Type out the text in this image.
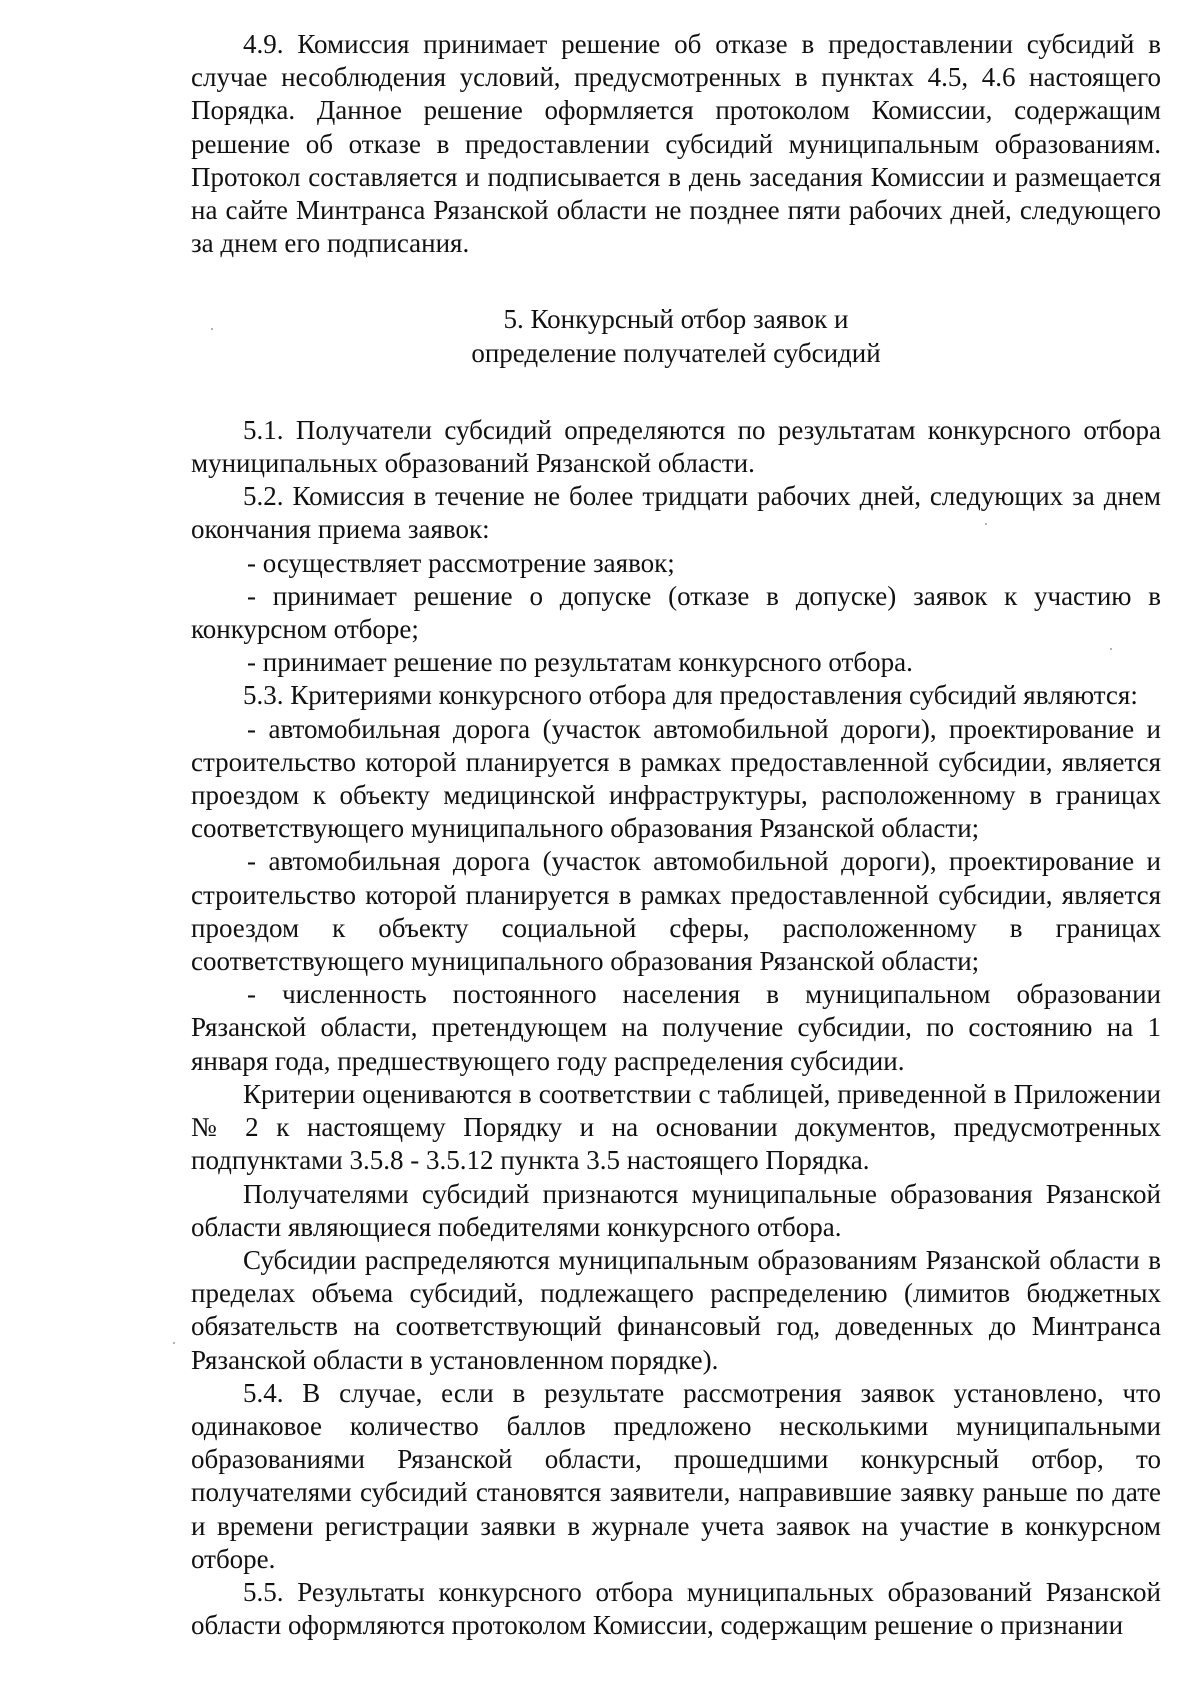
4.9. Комиссия принимает решение об отказе в предоставлении субсидий в случае несоблюдения условий, предусмотренных в пунктах 4.5, 4.6 настоящего Порядка. Данное решение оформляется протоколом Комиссии, содержащим решение об отказе в предоставлении субсидий муниципальным образованиям. Протокол составляется и подписывается в день заседания Комиссии и размещается на сайте Минтранса Рязанской области не позднее пяти рабочих дней, следующего за днем его подписания.

5. Конкурсный отбор заявок и
определение получателей субсидий

5.1. Получатели субсидий определяются по результатам конкурсного отбора муниципальных образований Рязанской области.

5.2. Комиссия в течение не более тридцати рабочих дней, следующих за днем окончания приема заявок:

- осуществляет рассмотрение заявок;

- принимает решение о допуске (отказе в допуске) заявок к участию в конкурсном отборе;

- принимает решение по результатам конкурсного отбора.

5.3. Критериями конкурсного отбора для предоставления субсидий являются:

- автомобильная дорога (участок автомобильной дороги), проектирование и строительство которой планируется в рамках предоставленной субсидии, является проездом к объекту медицинской инфраструктуры, расположенному в границах соответствующего муниципального образования Рязанской области;

- автомобильная дорога (участок автомобильной дороги), проектирование и строительство которой планируется в рамках предоставленной субсидии, является проездом к объекту социальной сферы, расположенному в границах соответствующего муниципального образования Рязанской области;

- численность постоянного населения в муниципальном образовании Рязанской области, претендующем на получение субсидии, по состоянию на 1 января года, предшествующего году распределения субсидии.

Критерии оцениваются в соответствии с таблицей, приведенной в Приложении № 2 к настоящему Порядку и на основании документов, предусмотренных подпунктами 3.5.8 - 3.5.12 пункта 3.5 настоящего Порядка.

Получателями субсидий признаются муниципальные образования Рязанской области являющиеся победителями конкурсного отбора.

Субсидии распределяются муниципальным образованиям Рязанской области в пределах объема субсидий, подлежащего распределению (лимитов бюджетных обязательств на соответствующий финансовый год, доведенных до Минтранса Рязанской области в установленном порядке).

5.4. В случае, если в результате рассмотрения заявок установлено, что одинаковое количество баллов предложено несколькими муниципальными образованиями Рязанской области, прошедшими конкурсный отбор, то получателями субсидий становятся заявители, направившие заявку раньше по дате и времени регистрации заявки в журнале учета заявок на участие в конкурсном отборе.

5.5. Результаты конкурсного отбора муниципальных образований Рязанской области оформляются протоколом Комиссии, содержащим решение о признании
